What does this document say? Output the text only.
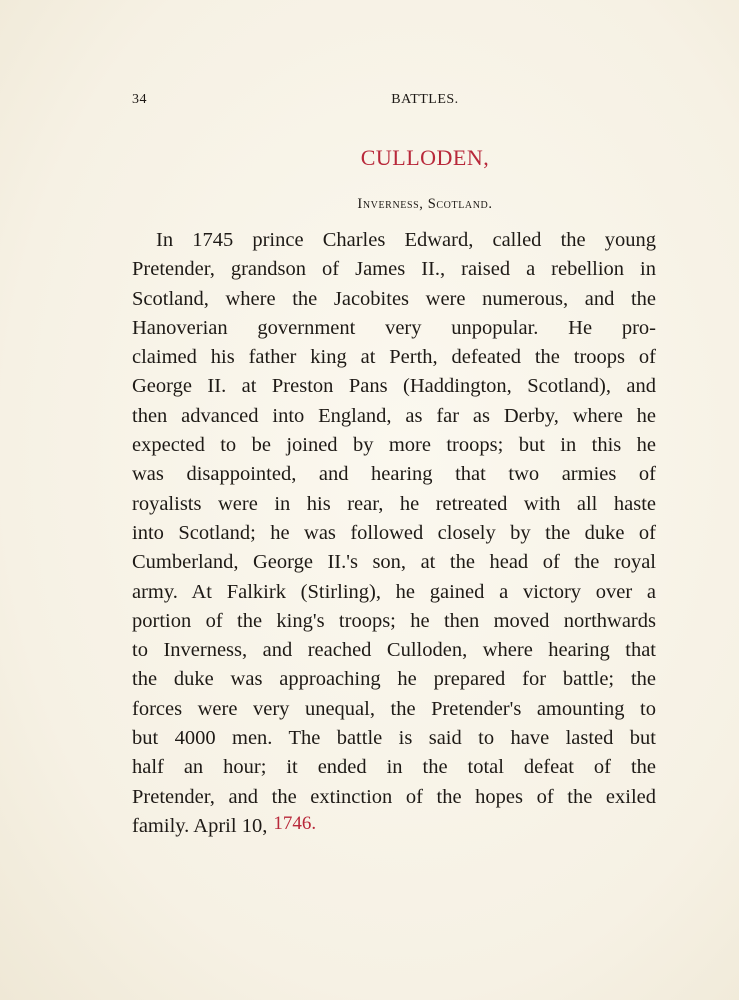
34	BATTLES.
CULLODEN,
Inverness, Scotland.
In 1745 prince Charles Edward, called the young
Pretender, grandson of James II., raised a rebellion in
Scotland, where the Jacobites were numerous, and the
Hanoverian government very unpopular. He pro-
claimed his father king at Perth, defeated the troops of
George II. at Preston Pans (Haddington, Scotland), and
then advanced into England, as far as Derby, where he
expected to be joined by more troops; but in this he
was disappointed, and hearing that two armies of
royalists were in his rear, he retreated with all haste
into Scotland; he was followed closely by the duke of
Cumberland, George II.'s son, at the head of the royal
army. At Falkirk (Stirling), he gained a victory over a
portion of the king's troops; he then moved northwards
to Inverness, and reached Culloden, where hearing that
the duke was approaching he prepared for battle; the
forces were very unequal, the Pretender's amounting to
but 4000 men. The battle is said to have lasted but
half an hour; it ended in the total defeat of the
Pretender, and the extinction of the hopes of the exiled
family. April 10, 1746.
